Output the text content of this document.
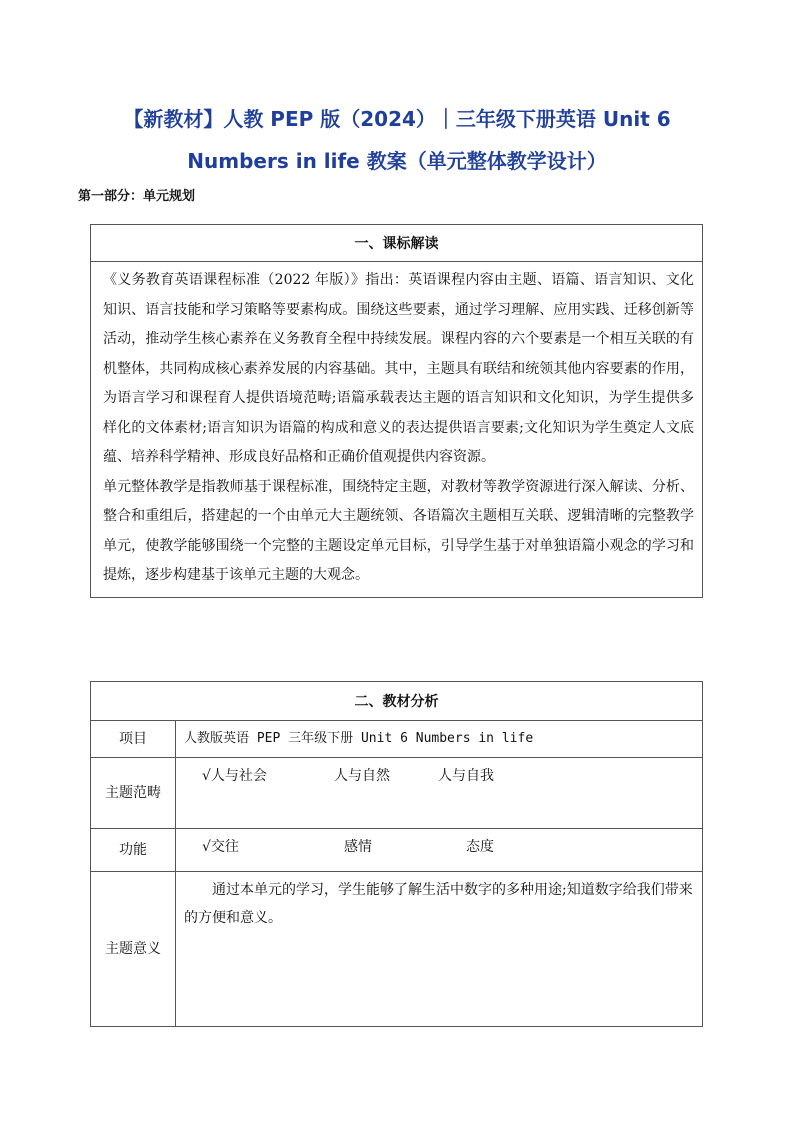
【新教材】人教 PEP 版（2024）｜三年级下册英语 Unit 6
Numbers in life 教案（单元整体教学设计）
第一部分：单元规划
一、课标解读

《义务教育英语课程标准（2022 年版）》指出：英语课程内容由主题、语篇、语言知识、文化知识、语言技能和学习策略等要素构成。围绕这些要素，通过学习理解、应用实践、迁移创新等活动，推动学生核心素养在义务教育全程中持续发展。课程内容的六个要素是一个相互关联的有机整体，共同构成核心素养发展的内容基础。其中，主题具有联结和统领其他内容要素的作用，为语言学习和课程育人提供语境范畴;语篇承载表达主题的语言知识和文化知识，为学生提供多样化的文体素材;语言知识为语篇的构成和意义的表达提供语言要素;文化知识为学生奠定人文底蕴、培养科学精神、形成良好品格和正确价值观提供内容资源。

单元整体教学是指教师基于课程标准，围绕特定主题，对教材等教学资源进行深入解读、分析、整合和重组后，搭建起的一个由单元大主题统领、各语篇次主题相互关联、逻辑清晰的完整教学单元，使教学能够围绕一个完整的主题设定单元目标，引导学生基于对单独语篇小观念的学习和提炼，逐步构建基于该单元主题的大观念。

二、教材分析	
项目	人教版英语 PEP 三年级下册 Unit 6 Numbers in life
主题范畴	√人与社会 人与自然 人与自我
功能	√交往 感情 态度
主题意义	通过本单元的学习，学生能够了解生活中数字的多种用途;知道数字给我们带来的方便和意义。
